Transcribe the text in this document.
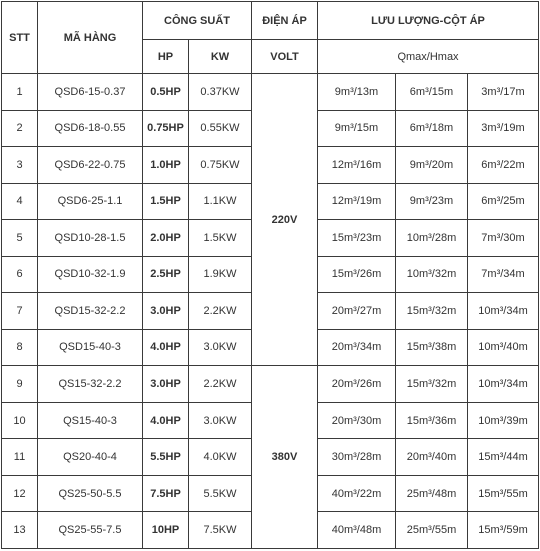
STT	MÃ HÀNG	CÔNG SUẤT		ĐIỆN ÁP	LƯU LƯỢNG-CỘT ÁP		
		HP	KW	VOLT	Qmax/Hmax		
1	QSD6-15-0.37	0.5HP	0.37KW	220V	9m³/13m	6m³/15m	3m³/17m
2	QSD6-18-0.55	0.75HP	0.55KW		9m³/15m	6m³/18m	3m³/19m
3	QSD6-22-0.75	1.0HP	0.75KW		12m³/16m	9m³/20m	6m³/22m
4	QSD6-25-1.1	1.5HP	1.1KW		12m³/19m	9m³/23m	6m³/25m
5	QSD10-28-1.5	2.0HP	1.5KW		15m³/23m	10m³/28m	7m³/30m
6	QSD10-32-1.9	2.5HP	1.9KW		15m³/26m	10m³/32m	7m³/34m
7	QSD15-32-2.2	3.0HP	2.2KW		20m³/27m	15m³/32m	10m³/34m
8	QSD15-40-3	4.0HP	3.0KW		20m³/34m	15m³/38m	10m³/40m
9	QS15-32-2.2	3.0HP	2.2KW	380V	20m³/26m	15m³/32m	10m³/34m
10	QS15-40-3	4.0HP	3.0KW		20m³/30m	15m³/36m	10m³/39m
11	QS20-40-4	5.5HP	4.0KW		30m³/28m	20m³/40m	15m³/44m
12	QS25-50-5.5	7.5HP	5.5KW		40m³/22m	25m³/48m	15m³/55m
13	QS25-55-7.5	10HP	7.5KW		40m³/48m	25m³/55m	15m³/59m
